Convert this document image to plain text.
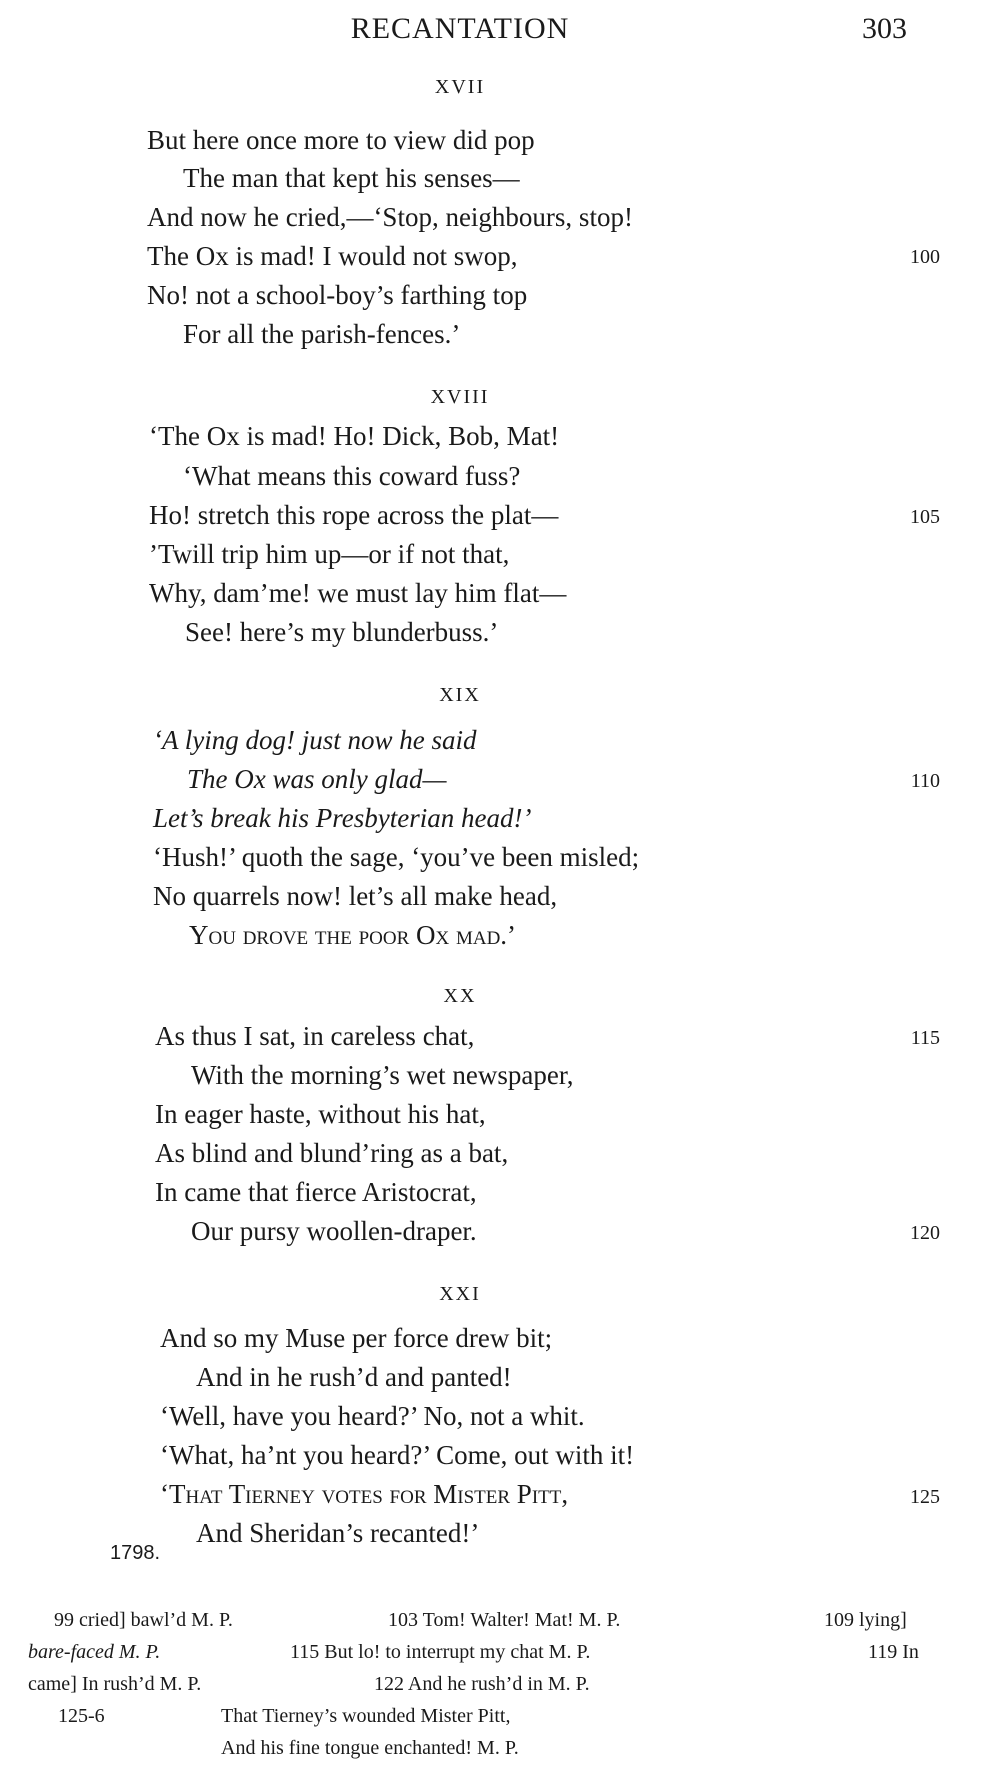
RECANTATION	303
XVII
But here once more to view did pop
The man that kept his senses—
And now he cried,—‘Stop, neighbours, stop!
The Ox is mad! I would not swop,	100
No! not a school-boy’s farthing top
For all the parish-fences.’
XVIII
‘The Ox is mad! Ho! Dick, Bob, Mat!
‘What means this coward fuss?
Ho! stretch this rope across the plat—	105
’Twill trip him up—or if not that,
Why, dam’me! we must lay him flat—
See! here’s my blunderbuss.’
XIX
‘A lying dog! just now he said
The Ox was only glad—	110
Let’s break his Presbyterian head!’
‘Hush!’ quoth the sage, ‘you’ve been misled;
No quarrels now! let’s all make head,
You drove the poor Ox mad.’
XX
As thus I sat, in careless chat,	115
With the morning’s wet newspaper,
In eager haste, without his hat,
As blind and blund’ring as a bat,
In came that fierce Aristocrat,
Our pursy woollen-draper.	120
XXI
And so my Muse per force drew bit;
And in he rush’d and panted!
‘Well, have you heard?’ No, not a whit.
‘What, ha’nt you heard?’ Come, out with it!
‘That Tierney votes for Mister Pitt,	125
And Sheridan’s recanted!’
1798.
99 cried] bawl’d M. P.	103 Tom! Walter! Mat! M. P.	109 lying]
bare-faced M. P.	115 But lo! to interrupt my chat M. P.	119 In
came] In rush’d M. P.	122 And he rush’d in M. P.
125-6	That Tierney’s wounded Mister Pitt,
And his fine tongue enchanted! M. P.
